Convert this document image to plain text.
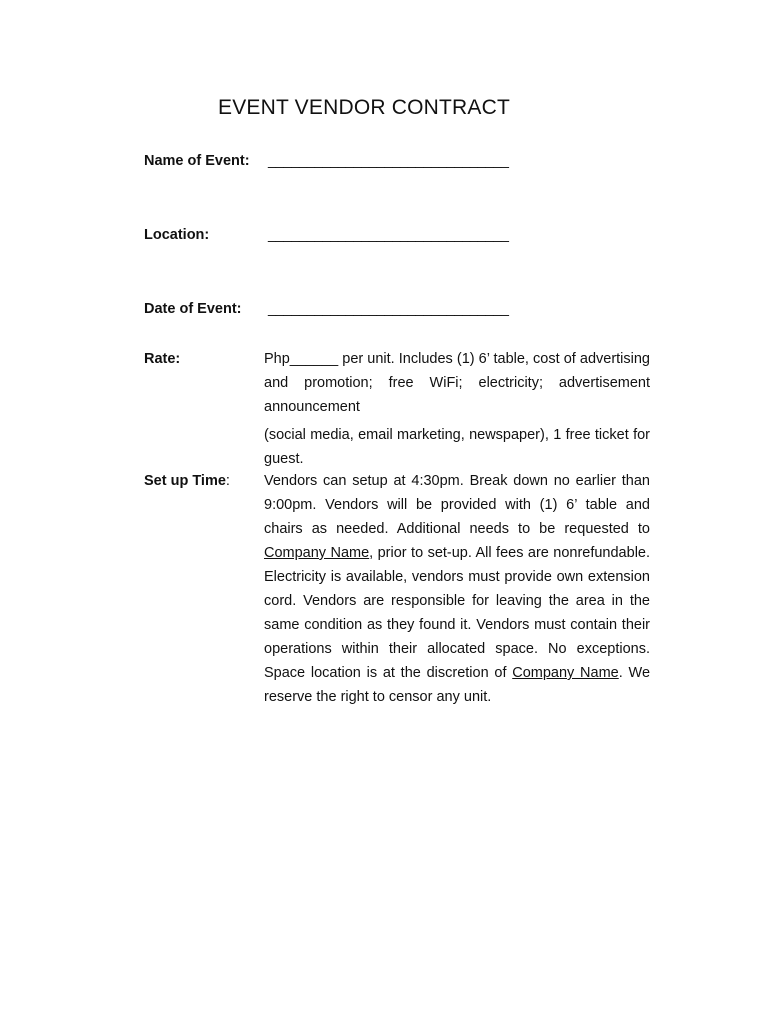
EVENT VENDOR CONTRACT
Name of Event: _______________________________
Location:	_______________________________
Date of Event: _______________________________
Rate:	Php______ per unit. Includes (1) 6’ table, cost of advertising and promotion; free WiFi; electricity; advertisement announcement
(social media, email marketing, newspaper), 1 free ticket for guest.
Set up Time: Vendors can setup at 4:30pm. Break down no earlier than 9:00pm. Vendors will be provided with (1) 6’ table and chairs as needed. Additional needs to be requested to Company Name, prior to set-up. All fees are nonrefundable. Electricity is available, vendors must provide own extension cord. Vendors are responsible for leaving the area in the same condition as they found it. Vendors must contain their operations within their allocated space. No exceptions. Space location is at the discretion of Company Name. We reserve the right to censor any unit.
